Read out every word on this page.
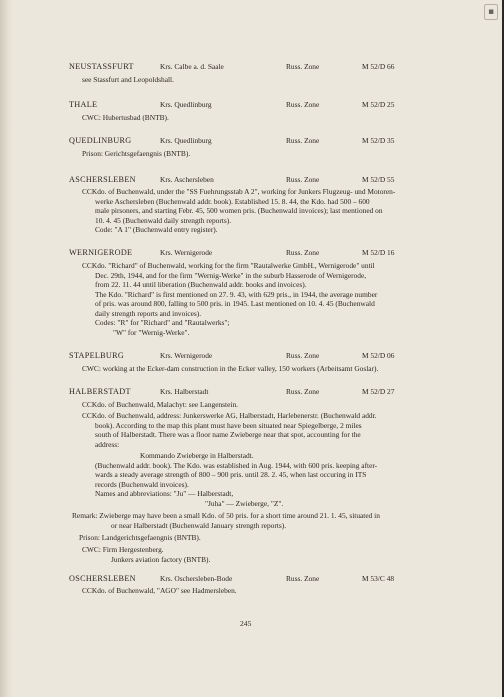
▪
NEUSTASSFURT	Krs. Calbe a. d. Saale	Russ. Zone	M 52/D 66
see Stassfurt and Leopoldshall.
THALE	Krs. Quedlinburg	Russ. Zone	M 52/D 25
CWC: Hubertusbad (BNTB).
QUEDLINBURG	Krs. Quedlinburg	Russ. Zone	M 52/D 35
Prison: Gerichtsgefaengnis (BNTB).
ASCHERSLEBEN	Krs. Aschersleben	Russ. Zone	M 52/D 55
CCKdo. of Buchenwald, under the "SS Fuehrungsstab A 2", working for Junkers Flugzeug- und Motoren-
werke Aschersleben (Buchenwald addr. book). Established 15. 8. 44, the Kdo. had 500 – 600
male pirsoners, and starting Febr. 45, 500 women pris. (Buchenwald invoices); last mentioned on
10. 4. 45 (Buchenwald daily strength reports).
Code: "A 1" (Buchenwald entry register).
WERNIGERODE	Krs. Wernigerode	Russ. Zone	M 52/D 16
CCKdo. "Richard" of Buchenwald, working for the firm "Rautalwerke GmbH., Wernigerode" until
Dec. 29th, 1944, and for the firm "Wernig-Werke" in the suburb Hasserode of Wernigerode,
from 22. 11. 44 until liberation (Buchenwald addr. books and invoices).
The Kdo. "Richard" is first mentioned on 27. 9. 43, with 629 pris., in 1944, the average number
of pris. was around 800, falling to 500 pris. in 1945. Last mentioned on 10. 4. 45 (Buchenwald
daily strength reports and invoices).
Codes: "R" for "Richard" and "Rautalwerks";
"W" for "Wernig-Werke".
STAPELBURG	Krs. Wernigerode	Russ. Zone	M 52/D 06
CWC: working at the Ecker-dam construction in the Ecker valley, 150 workers (Arbeitsamt Goslar).
HALBERSTADT	Krs. Halberstadt	Russ. Zone	M 52/D 27
CCKdo. of Buchenwald, Malachyt: see Langenstein.
CCKdo. of Buchenwald, address: Junkerswerke AG, Halberstadt, Harlebenerstr. (Buchenwald addr.
book). According to the map this plant must have been situated near Spiegelberge, 2 miles
south of Halberstadt. There was a floor name Zwieberge near that spot, accounting for the
address:
Kommando Zwieberge in Halberstadt.
(Buchenwald addr. book). The Kdo. was established in Aug. 1944, with 600 pris. keeping after-
wards a steady average strength of 800 – 900 pris. until 28. 2. 45, when last occuring in ITS
records (Buchenwald invoices).
Names and abbreviations: "Ju" — Halberstadt,
"Juha" — Zwieberge, "Z".
Remark: Zwieberge may have been a small Kdo. of 50 pris. for a short time around 21. 1. 45, situated in
or near Halberstadt (Buchenwald January strength reports).
Prison: Landgerichtsgefaengnis (BNTB).
CWC: Firm Hergestenberg.
Junkers aviation factory (BNTB).
OSCHERSLEBEN	Krs. Oschersleben-Bode	Russ. Zone	M 53/C 48
CCKdo. of Buchenwald, "AGO" see Hadmersleben.
245
